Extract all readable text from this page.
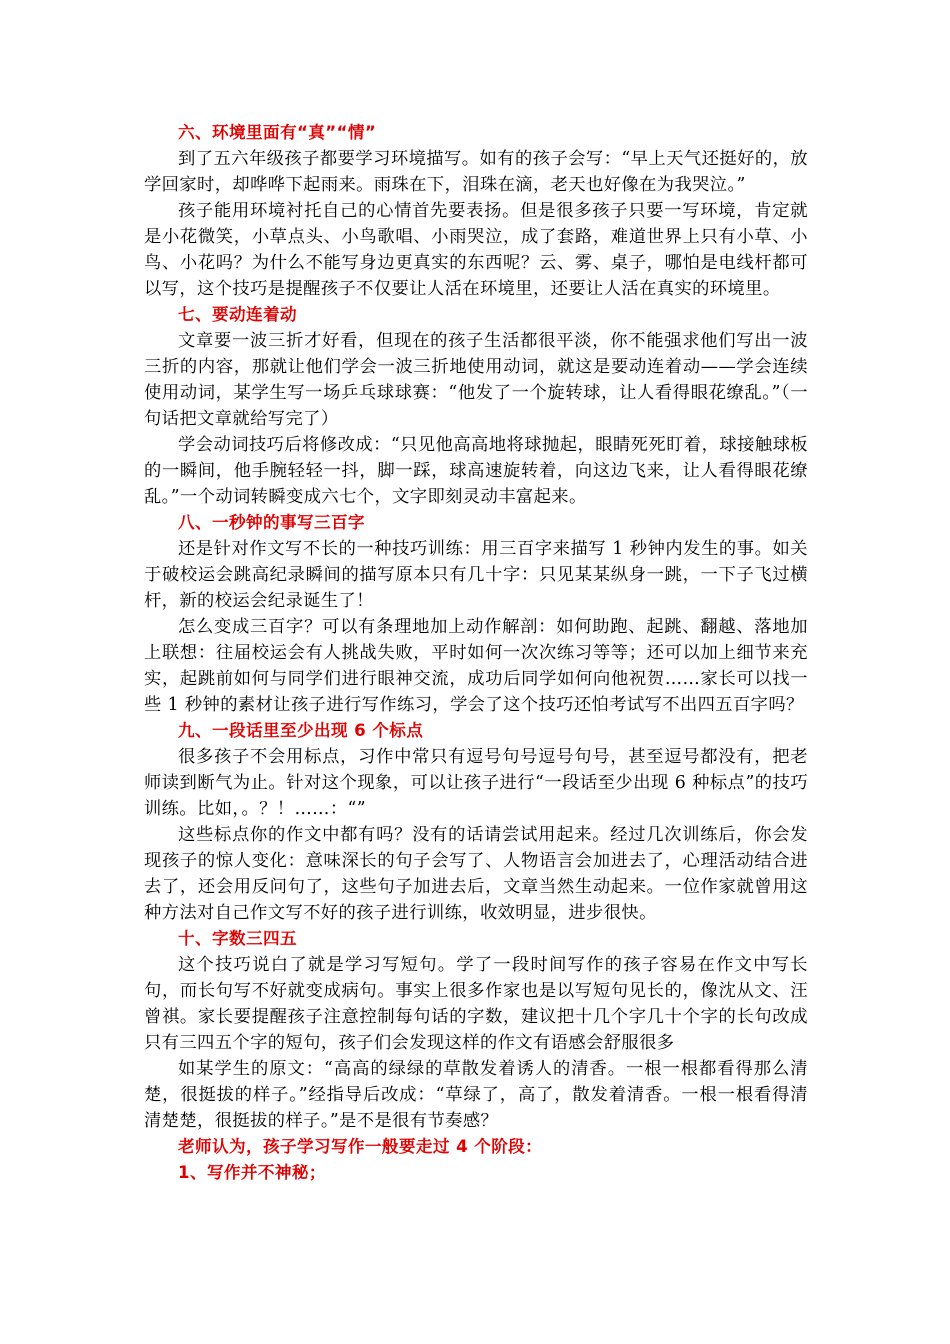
六、环境里面有“真”“情”

到了五六年级孩子都要学习环境描写。如有的孩子会写：“早上天气还挺好的，放学回家时，却哗哗下起雨来。雨珠在下，泪珠在滴，老天也好像在为我哭泣。”

孩子能用环境衬托自己的心情首先要表扬。但是很多孩子只要一写环境，肯定就是小花微笑，小草点头、小鸟歌唱、小雨哭泣，成了套路，难道世界上只有小草、小鸟、小花吗？为什么不能写身边更真实的东西呢？云、雾、桌子，哪怕是电线杆都可以写，这个技巧是提醒孩子不仅要让人活在环境里，还要让人活在真实的环境里。

七、要动连着动

文章要一波三折才好看，但现在的孩子生活都很平淡，你不能强求他们写出一波三折的内容，那就让他们学会一波三折地使用动词，就这是要动连着动——学会连续使用动词，某学生写一场乒乓球球赛：“他发了一个旋转球，让人看得眼花缭乱。”（一句话把文章就给写完了）

学会动词技巧后将修改成：“只见他高高地将球抛起，眼睛死死盯着，球接触球板的一瞬间，他手腕轻轻一抖，脚一踩，球高速旋转着，向这边飞来，让人看得眼花缭乱。”一个动词转瞬变成六七个，文字即刻灵动丰富起来。

八、一秒钟的事写三百字

还是针对作文写不长的一种技巧训练：用三百字来描写 1 秒钟内发生的事。如关于破校运会跳高纪录瞬间的描写原本只有几十字：只见某某纵身一跳，一下子飞过横杆，新的校运会纪录诞生了！

怎么变成三百字？可以有条理地加上动作解剖：如何助跑、起跳、翻越、落地加上联想：往届校运会有人挑战失败，平时如何一次次练习等等；还可以加上细节来充实，起跳前如何与同学们进行眼神交流，成功后同学如何向他祝贺……家长可以找一些 1 秒钟的素材让孩子进行写作练习，学会了这个技巧还怕考试写不出四五百字吗？

九、一段话里至少出现 6 个标点

很多孩子不会用标点，习作中常只有逗号句号逗号句号，甚至逗号都没有，把老师读到断气为止。针对这个现象，可以让孩子进行“一段话至少出现 6 种标点”的技巧训练。比如，。？！……：“”

这些标点你的作文中都有吗？没有的话请尝试用起来。经过几次训练后，你会发现孩子的惊人变化：意味深长的句子会写了、人物语言会加进去了，心理活动结合进去了，还会用反问句了，这些句子加进去后，文章当然生动起来。一位作家就曾用这种方法对自己作文写不好的孩子进行训练，收效明显，进步很快。

十、字数三四五

这个技巧说白了就是学习写短句。学了一段时间写作的孩子容易在作文中写长句，而长句写不好就变成病句。事实上很多作家也是以写短句见长的，像沈从文、汪曾祺。家长要提醒孩子注意控制每句话的字数，建议把十几个字几十个字的长句改成只有三四五个字的短句，孩子们会发现这样的作文有语感会舒服很多

如某学生的原文：“高高的绿绿的草散发着诱人的清香。一根一根都看得那么清楚，很挺拔的样子。”经指导后改成：“草绿了，高了，散发着清香。一根一根看得清清楚楚，很挺拔的样子。”是不是很有节奏感？

老师认为，孩子学习写作一般要走过 4 个阶段：
1、写作并不神秘；
